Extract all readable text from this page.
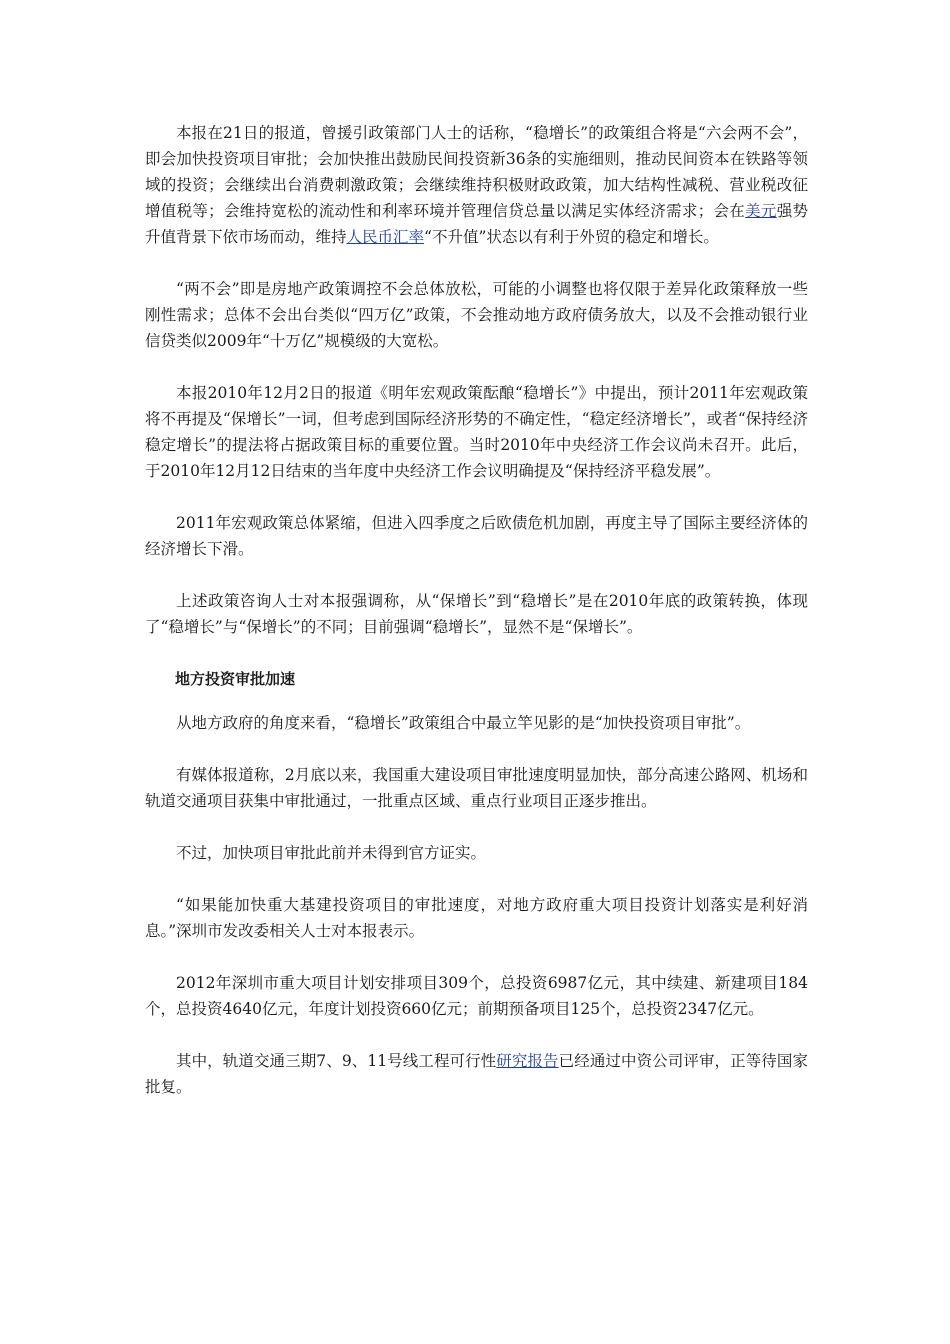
本报在21日的报道，曾援引政策部门人士的话称，“稳增长”的政策组合将是“六会两不会”，即会加快投资项目审批；会加快推出鼓励民间投资新36条的实施细则，推动民间资本在铁路等领域的投资；会继续出台消费刺激政策；会继续维持积极财政政策，加大结构性减税、营业税改征增值税等；会维持宽松的流动性和利率环境并管理信贷总量以满足实体经济需求；会在美元强势升值背景下依市场而动，维持人民币汇率“不升值”状态以有利于外贸的稳定和增长。

“两不会”即是房地产政策调控不会总体放松，可能的小调整也将仅限于差异化政策释放一些刚性需求；总体不会出台类似“四万亿”政策，不会推动地方政府债务放大，以及不会推动银行业信贷类似2009年“十万亿”规模级的大宽松。

本报2010年12月2日的报道《明年宏观政策酝酿“稳增长”》中提出，预计2011年宏观政策将不再提及“保增长”一词，但考虑到国际经济形势的不确定性，“稳定经济增长”，或者“保持经济稳定增长”的提法将占据政策目标的重要位置。当时2010年中央经济工作会议尚未召开。此后，于2010年12月12日结束的当年度中央经济工作会议明确提及“保持经济平稳发展”。

2011年宏观政策总体紧缩，但进入四季度之后欧债危机加剧，再度主导了国际主要经济体的经济增长下滑。

上述政策咨询人士对本报强调称，从“保增长”到“稳增长”是在2010年底的政策转换，体现了“稳增长”与“保增长”的不同；目前强调“稳增长”，显然不是“保增长”。

地方投资审批加速

从地方政府的角度来看，“稳增长”政策组合中最立竿见影的是“加快投资项目审批”。

有媒体报道称，2月底以来，我国重大建设项目审批速度明显加快，部分高速公路网、机场和轨道交通项目获集中审批通过，一批重点区域、重点行业项目正逐步推出。

不过，加快项目审批此前并未得到官方证实。

“如果能加快重大基建投资项目的审批速度，对地方政府重大项目投资计划落实是利好消息。”深圳市发改委相关人士对本报表示。

2012年深圳市重大项目计划安排项目309个，总投资6987亿元，其中续建、新建项目184个，总投资4640亿元，年度计划投资660亿元；前期预备项目125个，总投资2347亿元。

其中，轨道交通三期7、9、11号线工程可行性研究报告已经通过中资公司评审，正等待国家批复。
